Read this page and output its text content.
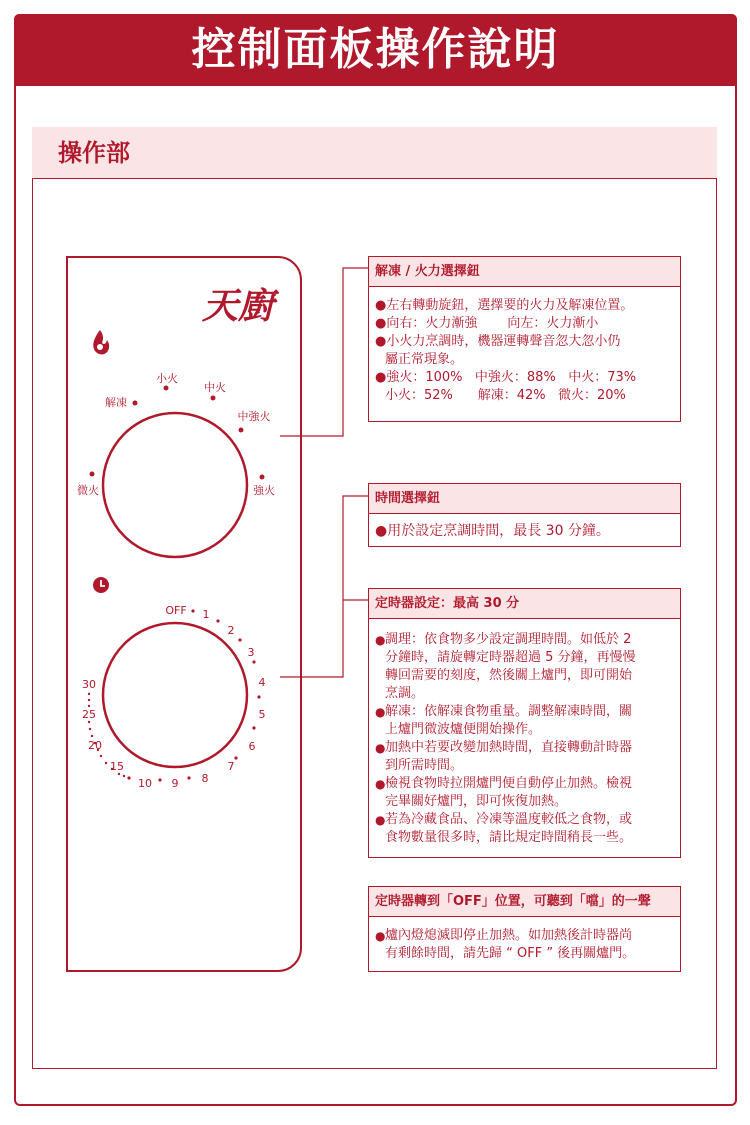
控制面板操作說明
操作部
天廚
小火
中火
解凍
中強火
微火	強火
OFF 1
2
3
4
5
6
7
8
9
10
15
20
25
30
解凍 / 火力選擇鈕
●左右轉動旋鈕，選擇要的火力及解凍位置。
●向右：火力漸強 向左：火力漸小
●小火力烹調時，機器運轉聲音忽大忽小仍
屬正常現象。
●強火：100%   中強火：88%   中火：73%
小火：52%      解凍：42%   微火：20%
時間選擇鈕
●用於設定烹調時間，最長 30 分鐘。
定時器設定：最高 30 分
● 調理：依食物多少設定調理時間。如低於 2
分鐘時，請旋轉定時器超過 5 分鐘，再慢慢
轉回需要的刻度，然後關上爐門，即可開始
烹調。
● 解凍：依解凍食物重量。調整解凍時間，關
上爐門微波爐便開始操作。
● 加熱中若要改變加熱時間，直接轉動計時器
到所需時間。
● 檢視食物時拉開爐門便自動停止加熱。檢視
完畢關好爐門，即可恢復加熱。
● 若為冷藏食品、冷凍等溫度較低之食物，或
食物數量很多時，請比規定時間稍長一些。
定時器轉到「OFF」位置，可聽到「噹」的一聲
● 爐內燈熄滅即停止加熱。如加熱後計時器尚
有剩餘時間，請先歸 “ OFF ” 後再關爐門。
